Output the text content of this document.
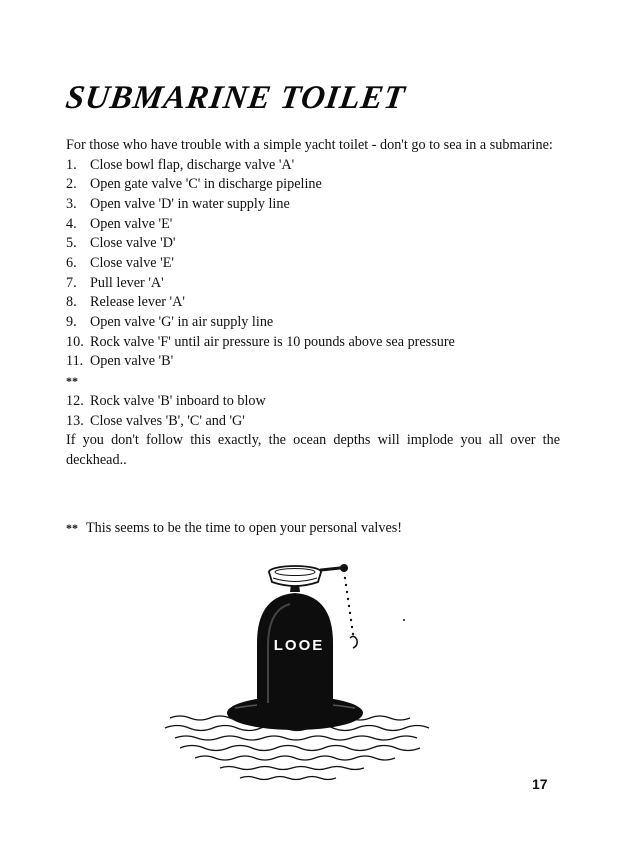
SUBMARINE TOILET

For those who have trouble with a simple yacht toilet - don't go to sea in a submarine:

1. Close bowl flap, discharge valve 'A'
2. Open gate valve 'C' in discharge pipeline
3. Open valve 'D' in water supply line
4. Open valve 'E'
5. Close valve 'D'
6. Close valve 'E'
7. Pull lever 'A'
8. Release lever 'A'
9. Open valve 'G' in air supply line
10. Rock valve 'F' until air pressure is 10 pounds above sea pressure
11. Open valve 'B'
**
12. Rock valve 'B' inboard to blow
13. Close valves 'B', 'C' and 'G'

If you don't follow this exactly, the ocean depths will implode you all over the deckhead..

** This seems to be the time to open your personal valves!
LOOE
17
